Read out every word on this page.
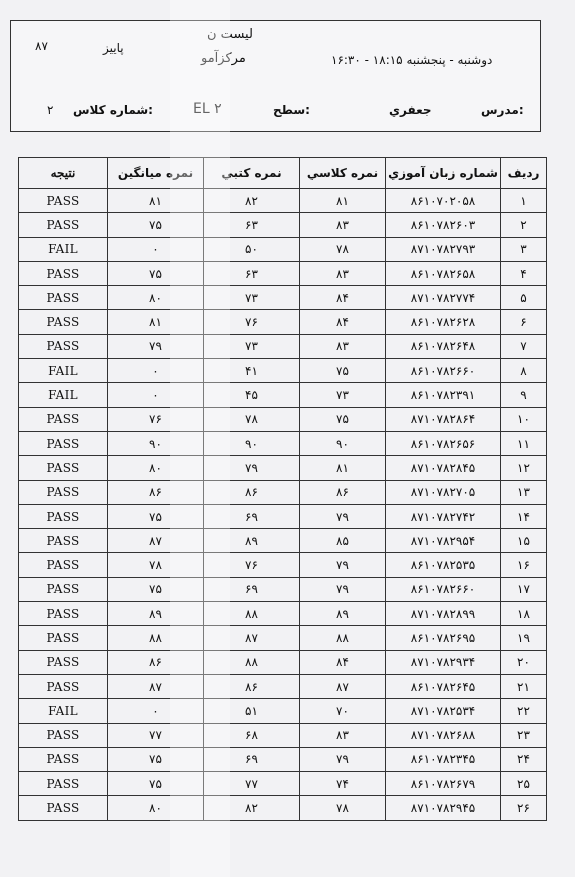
لیست ن
مرکزآمو
پاییز
۸۷
دوشنبه - پنجشنبه ۱۸:۱۵ - ۱۶:۳۰
مدرس:
جعفري
سطح:
EL ۲
شماره کلاس:
۲
ردیف	شماره زبان آموزي	نمره کلاسي	نمره کتبي	نمره میانگین	نتیجه
۱	۸۶۱۰۷۰۲۰۵۸	۸۱	۸۲	۸۱	PASS
۲	۸۶۱۰۷۸۲۶۰۳	۸۳	۶۳	۷۵	PASS
۳	۸۷۱۰۷۸۲۷۹۳	۷۸	۵۰	۰	FAIL
۴	۸۶۱۰۷۸۲۶۵۸	۸۳	۶۳	۷۵	PASS
۵	۸۷۱۰۷۸۲۷۷۴	۸۴	۷۳	۸۰	PASS
۶	۸۶۱۰۷۸۲۶۲۸	۸۴	۷۶	۸۱	PASS
۷	۸۶۱۰۷۸۲۶۴۸	۸۳	۷۳	۷۹	PASS
۸	۸۶۱۰۷۸۲۶۶۰	۷۵	۴۱	۰	FAIL
۹	۸۶۱۰۷۸۲۳۹۱	۷۳	۴۵	۰	FAIL
۱۰	۸۷۱۰۷۸۲۸۶۴	۷۵	۷۸	۷۶	PASS
۱۱	۸۶۱۰۷۸۲۶۵۶	۹۰	۹۰	۹۰	PASS
۱۲	۸۷۱۰۷۸۲۸۴۵	۸۱	۷۹	۸۰	PASS
۱۳	۸۷۱۰۷۸۲۷۰۵	۸۶	۸۶	۸۶	PASS
۱۴	۸۷۱۰۷۸۲۷۴۲	۷۹	۶۹	۷۵	PASS
۱۵	۸۷۱۰۷۸۲۹۵۴	۸۵	۸۹	۸۷	PASS
۱۶	۸۶۱۰۷۸۲۵۳۵	۷۹	۷۶	۷۸	PASS
۱۷	۸۶۱۰۷۸۲۶۶۰	۷۹	۶۹	۷۵	PASS
۱۸	۸۷۱۰۷۸۲۸۹۹	۸۹	۸۸	۸۹	PASS
۱۹	۸۶۱۰۷۸۲۶۹۵	۸۸	۸۷	۸۸	PASS
۲۰	۸۷۱۰۷۸۲۹۳۴	۸۴	۸۸	۸۶	PASS
۲۱	۸۶۱۰۷۸۲۶۴۵	۸۷	۸۶	۸۷	PASS
۲۲	۸۷۱۰۷۸۲۵۳۴	۷۰	۵۱	۰	FAIL
۲۳	۸۷۱۰۷۸۲۶۸۸	۸۳	۶۸	۷۷	PASS
۲۴	۸۶۱۰۷۸۲۳۴۵	۷۹	۶۹	۷۵	PASS
۲۵	۸۶۱۰۷۸۲۶۷۹	۷۴	۷۷	۷۵	PASS
۲۶	۸۷۱۰۷۸۲۹۴۵	۷۸	۸۲	۸۰	PASS
